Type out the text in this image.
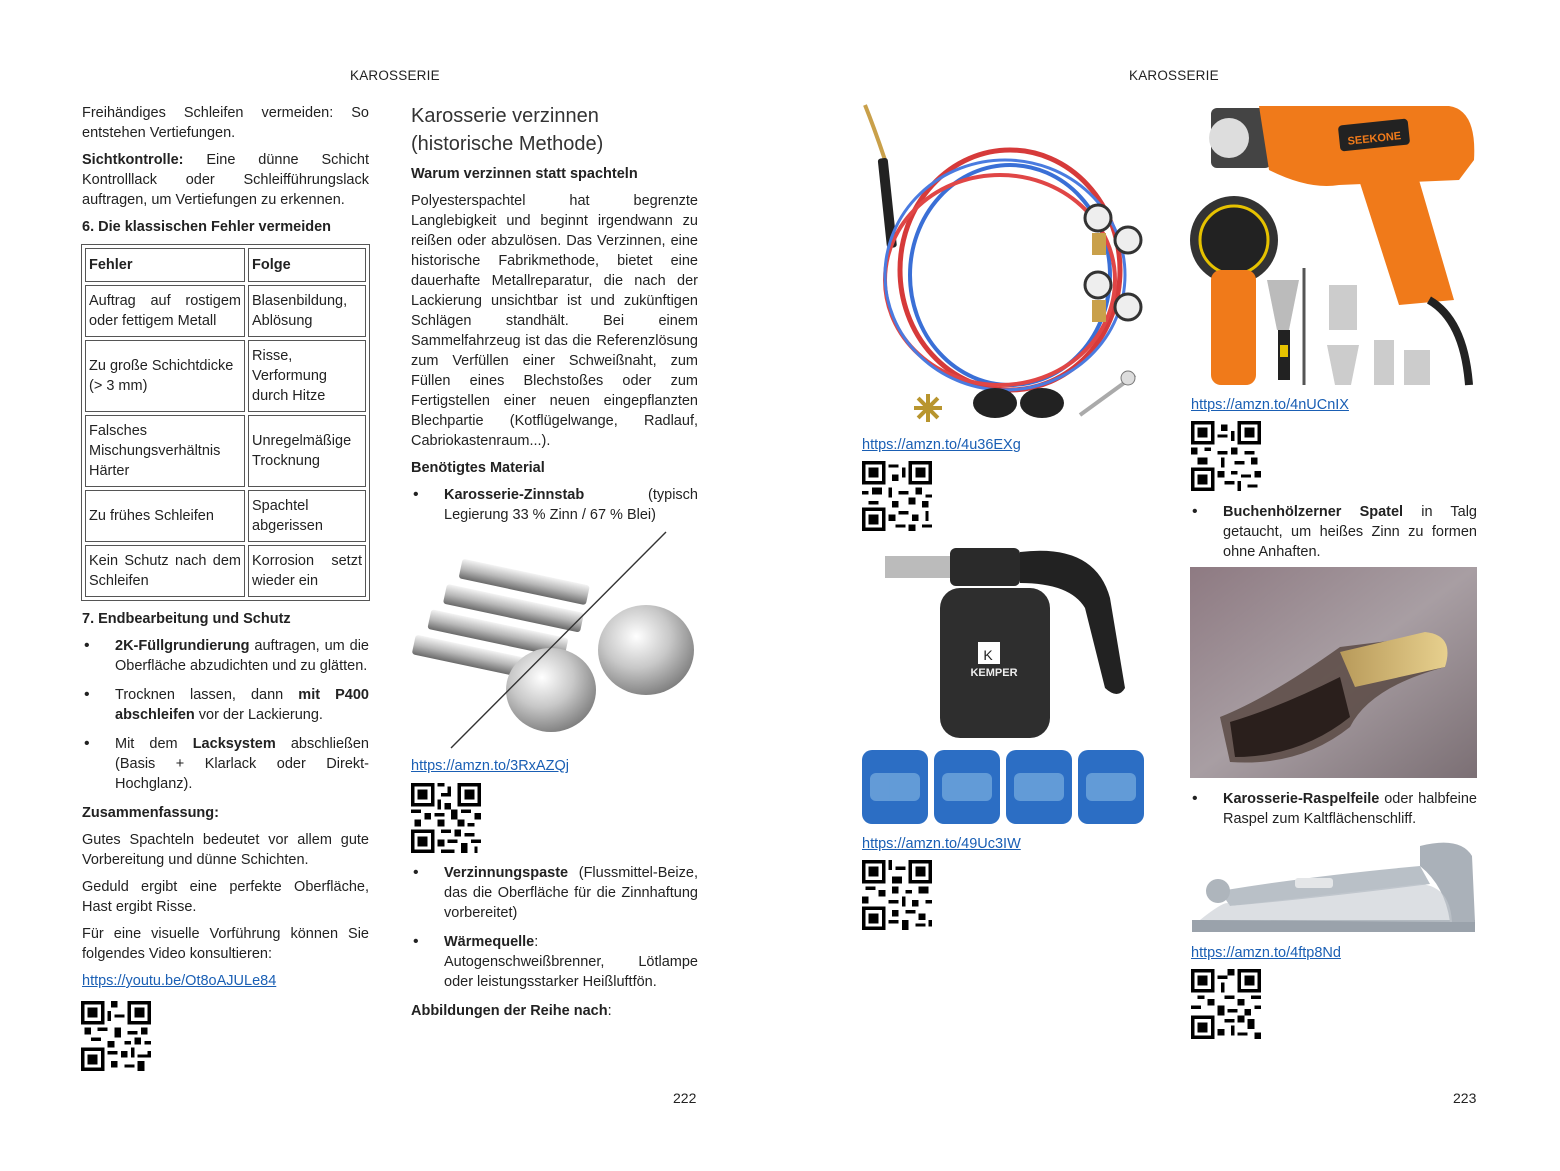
KAROSSERIE	KAROSSERIE

Freihändiges Schleifen vermeiden: So entstehen Vertiefungen.

Sichtkontrolle: Eine dünne Schicht Kontrolllack oder Schleifführungslack auftragen, um Vertiefungen zu erkennen.

6. Die klassischen Fehler vermeiden
Fehler	Folge
Auftrag auf rostigem oder fettigem Metall	Blasenbildung, Ablösung
Zu große Schichtdicke (> 3 mm)	Risse, Verformung durch Hitze
Falsches Mischungsverhältnis Härter	Unregelmäßige Trocknung
Zu frühes Schleifen	Spachtel abgerissen
Kein Schutz nach dem Schleifen	Korrosion setzt wieder ein
7. Endbearbeitung und Schutz
• 2K-Füllgrundierung auftragen, um die Oberfläche abzudichten und zu glätten.
• Trocknen lassen, dann mit P400 abschleifen vor der Lackierung.
• Mit dem Lacksystem abschließen (Basis + Klarlack oder Direkt-Hochglanz).
Zusammenfassung:

Gutes Spachteln bedeutet vor allem gute Vorbereitung und dünne Schichten.

Geduld ergibt eine perfekte Oberfläche, Hast ergibt Risse.

Für eine visuelle Vorführung können Sie folgendes Video konsultieren:

https://youtu.be/Ot8oAJULe84
Karosserie verzinnen (historische Methode)
Warum verzinnen statt spachteln

Polyesterspachtel hat begrenzte Langlebigkeit und beginnt irgendwann zu reißen oder abzulösen. Das Verzinnen, eine historische Fabrikmethode, bietet eine dauerhafte Metallreparatur, die nach der Lackierung unsichtbar ist und zukünftigen Schlägen standhält. Bei einem Sammelfahrzeug ist das die Referenzlösung zum Verfüllen einer Schweißnaht, zum Füllen eines Blechstoßes oder zum Fertigstellen einer neuen eingepflanzten Blechpartie (Kotflügelwange, Radlauf, Cabriokastenraum...).

Benötigtes Material
• Karosserie-Zinnstab (typisch Legierung 33 % Zinn / 67 % Blei)
https://amzn.to/3RxAZQj
• Verzinnungspaste (Flussmittel-Beize, das die Oberfläche für die Zinnhaftung vorbereitet)
• Wärmequelle: Autogenschweißbrenner, Lötlampe oder leistungsstarker Heißluftfön.
Abbildungen der Reihe nach:
222	223
https://amzn.to/4u36EXg
K
KEMPER
https://amzn.to/49Uc3IW
SEEKONE
https://amzn.to/4nUCnIX
• Buchenhölzerner Spatel in Talg getaucht, um heißes Zinn zu formen ohne Anhaften.
• Karosserie-Raspelfeile oder halbfeine Raspel zum Kaltflächenschliff.
https://amzn.to/4ftp8Nd
